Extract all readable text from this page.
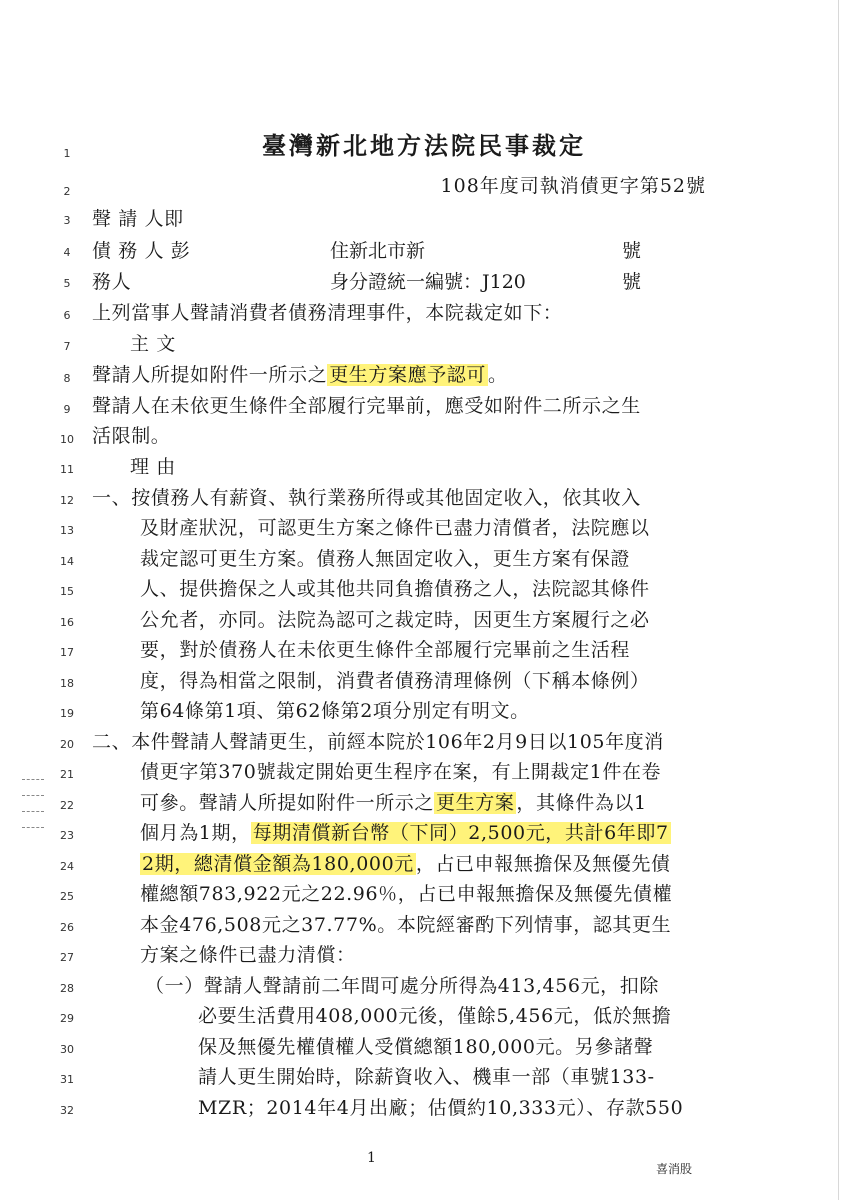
臺灣新北地方法院民事裁定
108年度司執消債更字第52號
1
2
3
4
5
6
7
8
9
10
11
12
13
14
15
16
17
18
19
20
21
22
23
24
25
26
27
28
29
30
31
32
聲 請 人即
債 務 人 彭	住新北市新	號
務人	身分證統一編號：J120	號
上列當事人聲請消費者債務清理事件，本院裁定如下：
主 文
聲請人所提如附件一所示之 更生方案應予認可 。
聲請人在未依更生條件全部履行完畢前，應受如附件二所示之生
活限制。
理 由
一、按債務人有薪資、執行業務所得或其他固定收入，依其收入
及財產狀況，可認更生方案之條件已盡力清償者，法院應以
裁定認可更生方案。債務人無固定收入，更生方案有保證
人、提供擔保之人或其他共同負擔債務之人，法院認其條件
公允者，亦同。法院為認可之裁定時，因更生方案履行之必
要，對於債務人在未依更生條件全部履行完畢前之生活程
度，得為相當之限制，消費者債務清理條例（下稱本條例）
第64條第1項、第62條第2項分別定有明文。
二、本件聲請人聲請更生，前經本院於106年2月9日以105年度消
債更字第370號裁定開始更生程序在案，有上開裁定1件在卷
可參。聲請人所提如附件一所示之 更生方案 ，其條件為以1
個月為1期， 每期清償新台幣（下同）2,500元，共計6年即7
2期，總清償金額為180,000元 ，占已申報無擔保及無優先債
權總額783,922元之22.96％，占已申報無擔保及無優先債權
本金476,508元之37.77%。本院經審酌下列情事，認其更生
方案之條件已盡力清償：
（一）聲請人聲請前二年間可處分所得為413,456元，扣除
必要生活費用408,000元後，僅餘5,456元，低於無擔
保及無優先權債權人受償總額180,000元。另參諸聲
請人更生開始時，除薪資收入、機車一部（車號133-
MZR；2014年4月出廠；估價約10,333元）、存款550
1
喜消股
